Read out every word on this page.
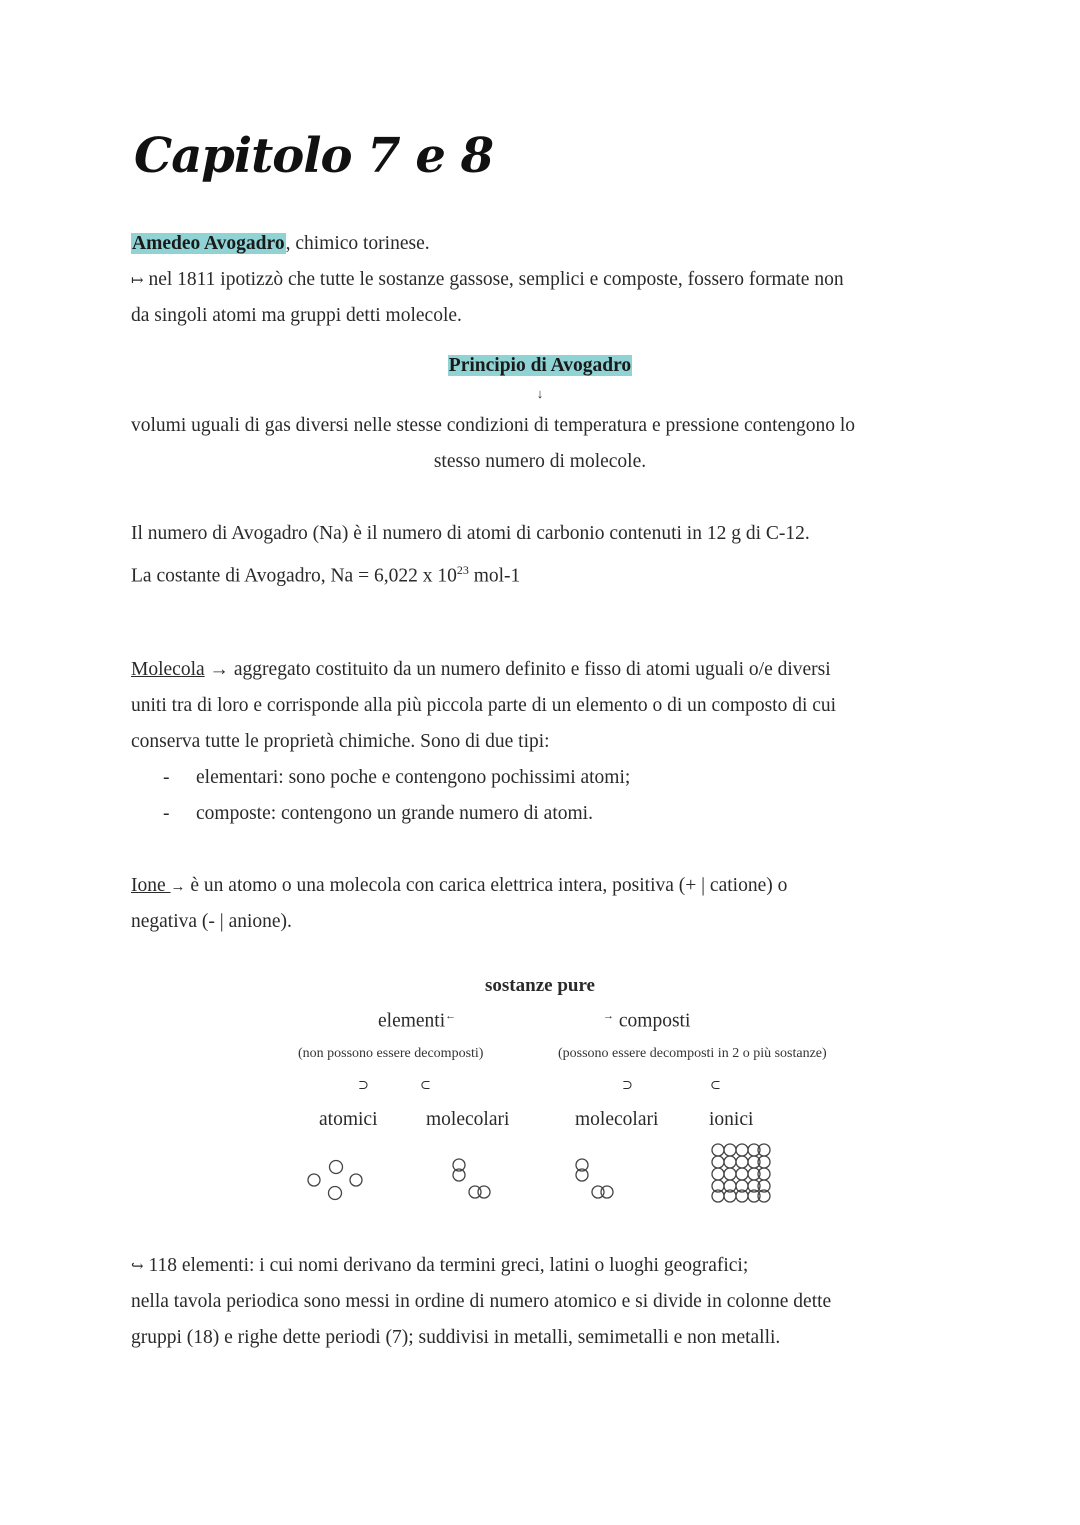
Capitolo 7 e 8
Amedeo Avogadro, chimico torinese.
↦ nel 1811 ipotizzò che tutte le sostanze gassose, semplici e composte, fossero formate non
da singoli atomi ma gruppi detti molecole.
Principio di Avogadro
↓
volumi uguali di gas diversi nelle stesse condizioni di temperatura e pressione contengono lo
stesso numero di molecole.
Il numero di Avogadro (Na) è il numero di atomi di carbonio contenuti in 12 g di C-12.
La costante di Avogadro, Na = 6,022 x $10^{23}$ mol-1
Molecola → aggregato costituito da un numero definito e fisso di atomi uguali o/e diversi
uniti tra di loro e corrisponde alla più piccola parte di un elemento o di un composto di cui
conserva tutte le proprietà chimiche. Sono di due tipi:
- elementari: sono poche e contengono pochissimi atomi;
- composte: contengono un grande numero di atomi.
Ione → è un atomo o una molecola con carica elettrica intera, positiva (+ | catione) o
negativa (- | anione).
sostanze pure
elementi←	→ composti
(non possono essere decomposti)	(possono essere decomposti in 2 o più sostanze)
⊃	⊂	⊃	⊂
atomici molecolari	molecolari	ionici
↪ 118 elementi: i cui nomi derivano da termini greci, latini o luoghi geografici;
nella tavola periodica sono messi in ordine di numero atomico e si divide in colonne dette
gruppi (18) e righe dette periodi (7); suddivisi in metalli, semimetalli e non metalli.
